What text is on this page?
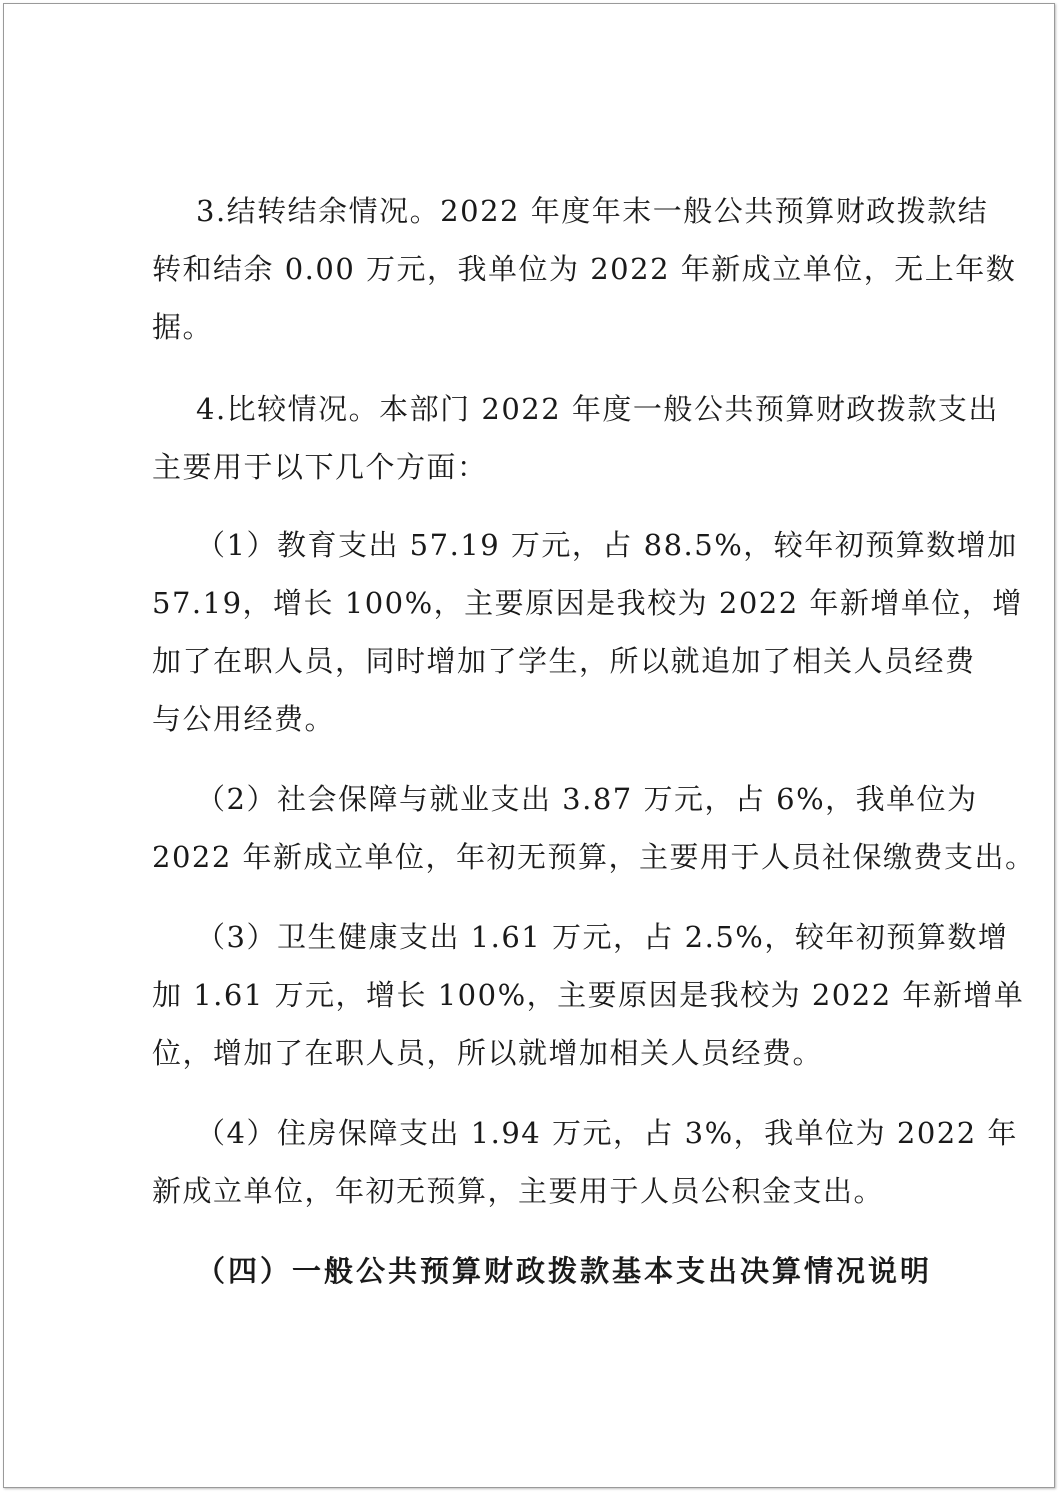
3.结转结余情况。2022 年度年末一般公共预算财政拨款结
转和结余 0.00 万元，我单位为 2022 年新成立单位，无上年数
据。
4.比较情况。本部门 2022 年度一般公共预算财政拨款支出
主要用于以下几个方面：
（1）教育支出 57.19 万元，占 88.5%，较年初预算数增加
57.19，增长 100%，主要原因是我校为 2022 年新增单位，增
加了在职人员，同时增加了学生，所以就追加了相关人员经费
与公用经费。
（2）社会保障与就业支出 3.87 万元，占 6%，我单位为
2022 年新成立单位，年初无预算，主要用于人员社保缴费支出。
（3）卫生健康支出 1.61 万元，占 2.5%，较年初预算数增
加 1.61 万元，增长 100%，主要原因是我校为 2022 年新增单
位，增加了在职人员，所以就增加相关人员经费。
（4）住房保障支出 1.94 万元，占 3%，我单位为 2022 年
新成立单位，年初无预算，主要用于人员公积金支出。
（四）一般公共预算财政拨款基本支出决算情况说明
